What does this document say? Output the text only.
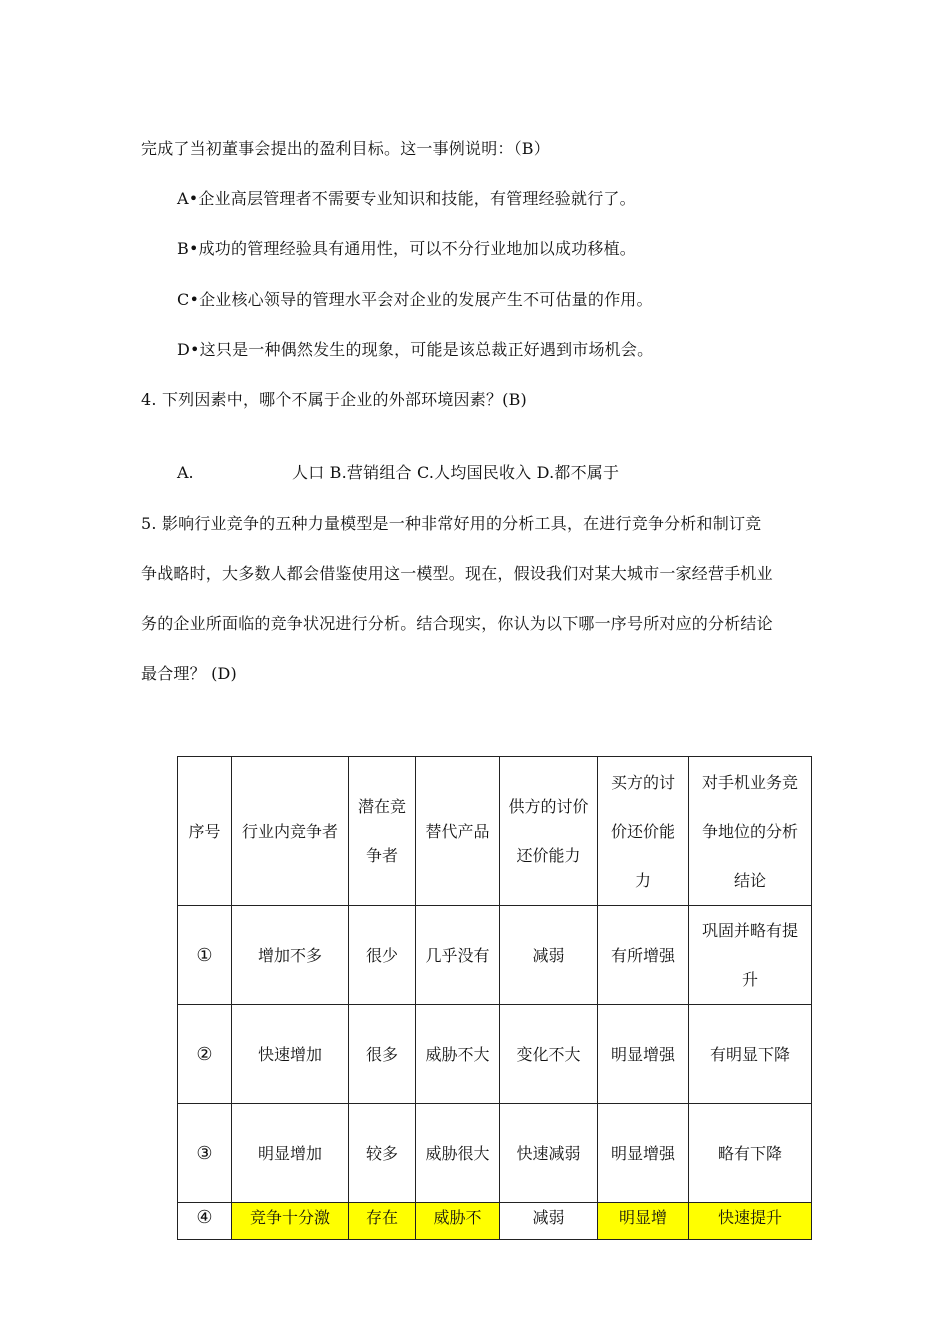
完成了当初董事会提出的盈利目标。这一事例说明：（B）
A•企业高层管理者不需要专业知识和技能，有管理经验就行了。
B•成功的管理经验具有通用性，可以不分行业地加以成功移植。
C•企业核心领导的管理水平会对企业的发展产生不可估量的作用。
D•这只是一种偶然发生的现象，可能是该总裁正好遇到市场机会。
4. 下列因素中，哪个不属于企业的外部环境因素？(B)
A.	人口 B.营销组合 C.人均国民收入 D.都不属于
5. 影响行业竞争的五种力量模型是一种非常好用的分析工具，在进行竞争分析和制订竞
争战略时，大多数人都会借鉴使用这一模型。现在，假设我们对某大城市一家经营手机业
务的企业所面临的竞争状况进行分析。结合现实，你认为以下哪一序号所对应的分析结论
最合理？ (D)
序号	行业内竞争者	潜在竞争者	替代产品	供方的讨价还价能力	买方的讨价还价能力	对手机业务竞争地位的分析结论
①	增加不多	很少	几乎没有	减弱	有所增强	巩固并略有提升
②	快速增加	很多	威胁不大	变化不大	明显增强	有明显下降
③	明显增加	较多	威胁很大	快速减弱	明显增强	略有下降
④	竞争十分激	存在	威胁不	减弱	明显增	快速提升
